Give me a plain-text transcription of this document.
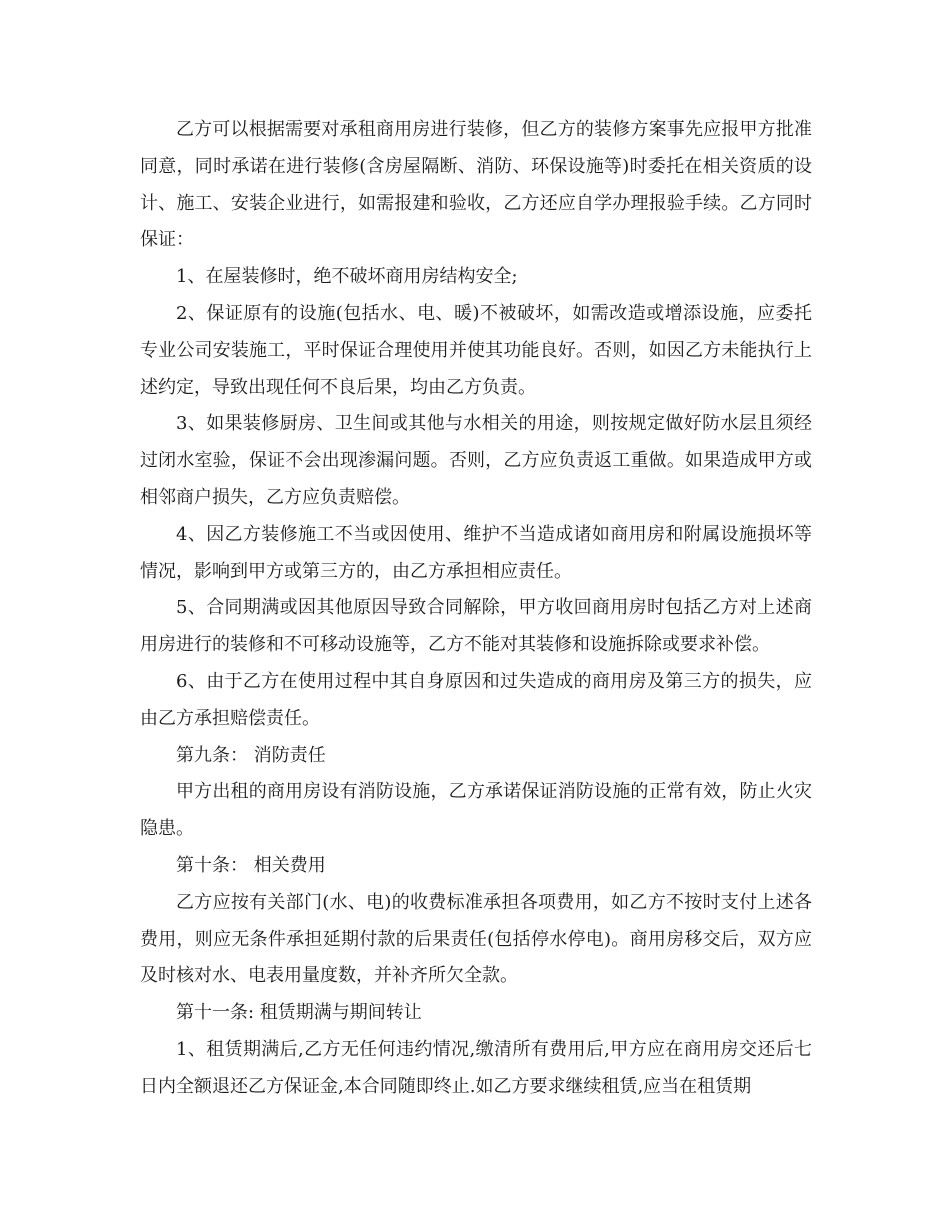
乙方可以根据需要对承租商用房进行装修，但乙方的装修方案事先应报甲方批准同意，同时承诺在进行装修(含房屋隔断、消防、环保设施等)时委托在相关资质的设计、施工、安装企业进行，如需报建和验收，乙方还应自学办理报验手续。乙方同时保证：

1、在屋装修时，绝不破坏商用房结构安全;

2、保证原有的设施(包括水、电、暖)不被破坏，如需改造或增添设施，应委托专业公司安装施工，平时保证合理使用并使其功能良好。否则，如因乙方未能执行上述约定，导致出现任何不良后果，均由乙方负责。

3、如果装修厨房、卫生间或其他与水相关的用途，则按规定做好防水层且须经过闭水室验，保证不会出现渗漏问题。否则，乙方应负责返工重做。如果造成甲方或相邻商户损失，乙方应负责赔偿。

4、因乙方装修施工不当或因使用、维护不当造成诸如商用房和附属设施损坏等情况，影响到甲方或第三方的，由乙方承担相应责任。

5、合同期满或因其他原因导致合同解除，甲方收回商用房时包括乙方对上述商用房进行的装修和不可移动设施等，乙方不能对其装修和设施拆除或要求补偿。

6、由于乙方在使用过程中其自身原因和过失造成的商用房及第三方的损失，应由乙方承担赔偿责任。

第九条： 消防责任

甲方出租的商用房设有消防设施，乙方承诺保证消防设施的正常有效，防止火灾隐患。

第十条： 相关费用

乙方应按有关部门(水、电)的收费标准承担各项费用，如乙方不按时支付上述各费用，则应无条件承担延期付款的后果责任(包括停水停电)。商用房移交后，双方应及时核对水、电表用量度数，并补齐所欠全款。

第十一条: 租赁期满与期间转让

1、租赁期满后,乙方无任何违约情况,缴清所有费用后,甲方应在商用房交还后七日内全额退还乙方保证金,本合同随即终止.如乙方要求继续租赁,应当在租赁期
